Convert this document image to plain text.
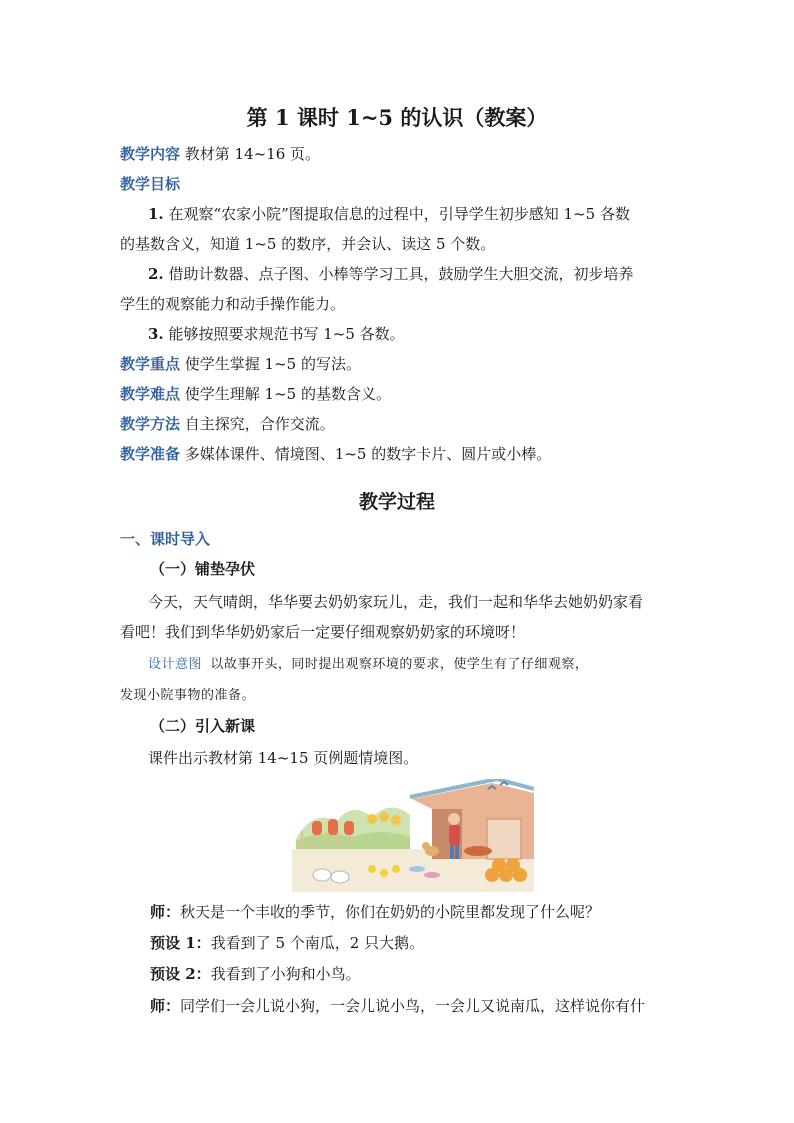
第 1 课时 1~5 的认识（教案）
教学内容 教材第 14~16 页。
教学目标
1. 在观察“农家小院”图提取信息的过程中，引导学生初步感知 1~5 各数
的基数含义，知道 1~5 的数序，并会认、读这 5 个数。
2. 借助计数器、点子图、小棒等学习工具，鼓励学生大胆交流，初步培养
学生的观察能力和动手操作能力。
3. 能够按照要求规范书写 1~5 各数。
教学重点 使学生掌握 1~5 的写法。
教学难点 使学生理解 1~5 的基数含义。
教学方法 自主探究，合作交流。
教学准备 多媒体课件、情境图、1~5 的数字卡片、圆片或小棒。
教学过程
一、课时导入
（一）铺垫孕伏
今天，天气晴朗，华华要去奶奶家玩儿，走，我们一起和华华去她奶奶家看
看吧！我们到华华奶奶家后一定要仔细观察奶奶家的环境呀！
设计意图 以故事开头，同时提出观察环境的要求，使学生有了仔细观察，
发现小院事物的准备。
（二）引入新课
课件出示教材第 14~15 页例题情境图。
师：秋天是一个丰收的季节，你们在奶奶的小院里都发现了什么呢？
预设 1：我看到了 5 个南瓜，2 只大鹅。
预设 2：我看到了小狗和小鸟。
师：同学们一会儿说小狗，一会儿说小鸟，一会儿又说南瓜，这样说你有什
